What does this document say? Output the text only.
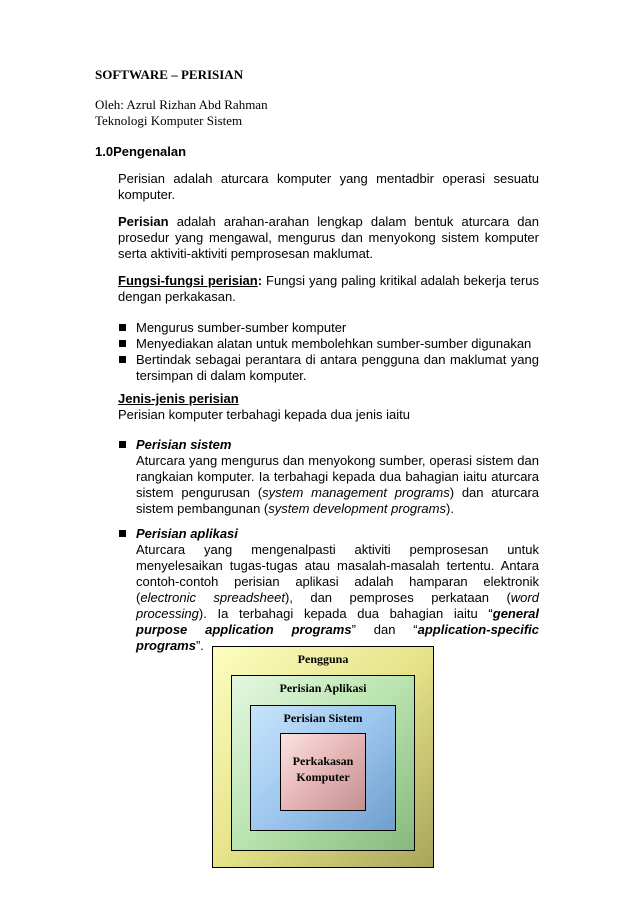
SOFTWARE – PERISIAN
Oleh: Azrul Rizhan Abd Rahman
Teknologi Komputer Sistem
1.0Pengenalan

Perisian adalah aturcara komputer yang mentadbir operasi sesuatu komputer.

Perisian adalah arahan-arahan lengkap dalam bentuk aturcara dan prosedur yang mengawal, mengurus dan menyokong sistem komputer serta aktiviti-aktiviti pemprosesan maklumat.

Fungsi-fungsi perisian: Fungsi yang paling kritikal adalah bekerja terus dengan perkakasan.

Mengurus sumber-sumber komputer
Menyediakan alatan untuk membolehkan sumber-sumber digunakan
Bertindak sebagai perantara di antara pengguna dan maklumat yang tersimpan di dalam komputer.

Jenis-jenis perisian

Perisian komputer terbahagi kepada dua jenis iaitu

Perisian sistem
Aturcara yang mengurus dan menyokong sumber, operasi sistem dan rangkaian komputer. Ia terbahagi kepada dua bahagian iaitu aturcara sistem pengurusan (system management programs) dan aturcara sistem pembangunan (system development programs).
Perisian aplikasi
Aturcara yang mengenalpasti aktiviti pemprosesan untuk menyelesaikan tugas-tugas atau masalah-masalah tertentu. Antara contoh-contoh perisian aplikasi adalah hamparan elektronik (electronic spreadsheet), dan pemproses perkataan (word processing). Ia terbahagi kepada dua bahagian iaitu “general purpose application programs” dan “application-specific programs”.
Pengguna
Perisian Aplikasi
Perisian Sistem
Perkakasan
Komputer
